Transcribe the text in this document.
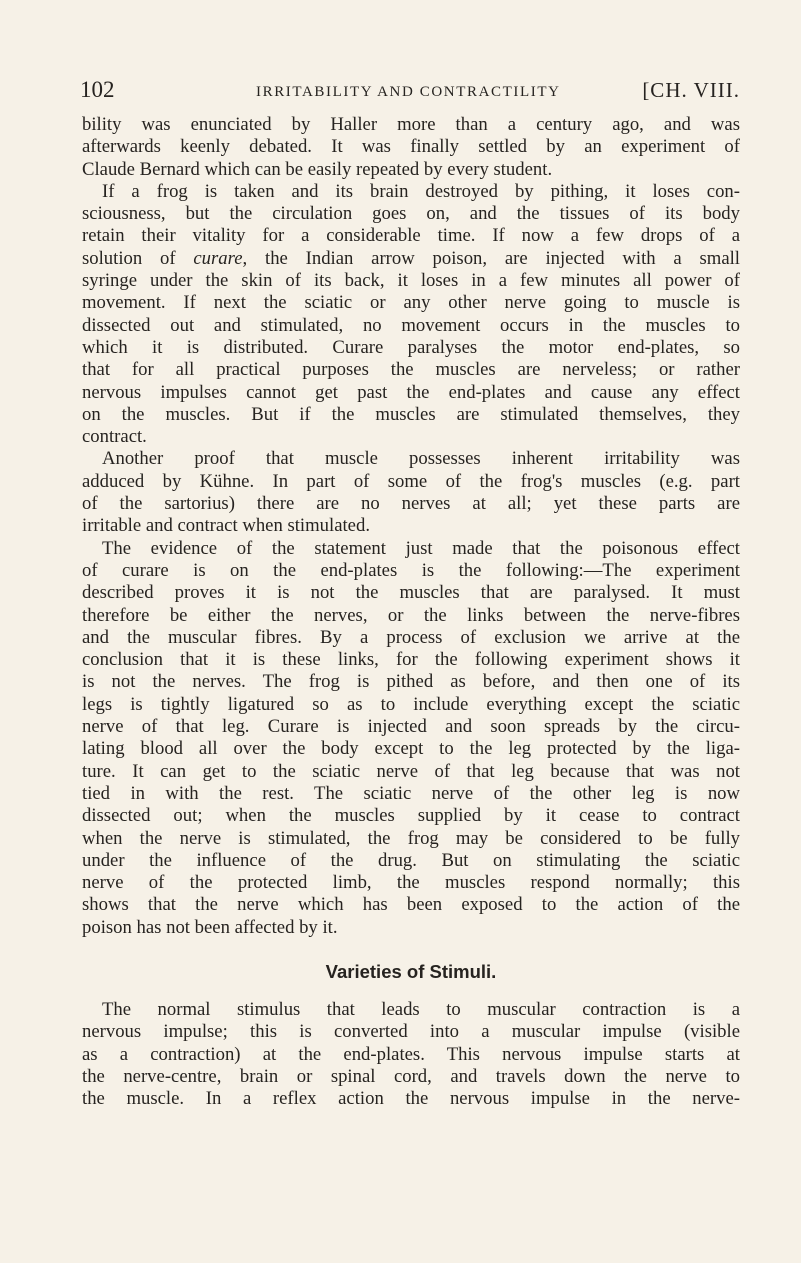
102	IRRITABILITY AND CONTRACTILITY	[CH. VIII.
bility was enunciated by Haller more than a century ago, and was
afterwards keenly debated. It was finally settled by an experiment of
Claude Bernard which can be easily repeated by every student.
If a frog is taken and its brain destroyed by pithing, it loses con-
sciousness, but the circulation goes on, and the tissues of its body
retain their vitality for a considerable time. If now a few drops of a
solution of curare, the Indian arrow poison, are injected with a small
syringe under the skin of its back, it loses in a few minutes all power of
movement. If next the sciatic or any other nerve going to muscle is
dissected out and stimulated, no movement occurs in the muscles to
which it is distributed. Curare paralyses the motor end-plates, so
that for all practical purposes the muscles are nerveless; or rather
nervous impulses cannot get past the end-plates and cause any effect
on the muscles. But if the muscles are stimulated themselves, they
contract.
Another proof that muscle possesses inherent irritability was
adduced by Kühne. In part of some of the frog's muscles (e.g. part
of the sartorius) there are no nerves at all; yet these parts are
irritable and contract when stimulated.
The evidence of the statement just made that the poisonous effect
of curare is on the end-plates is the following:—The experiment
described proves it is not the muscles that are paralysed. It must
therefore be either the nerves, or the links between the nerve-fibres
and the muscular fibres. By a process of exclusion we arrive at the
conclusion that it is these links, for the following experiment shows it
is not the nerves. The frog is pithed as before, and then one of its
legs is tightly ligatured so as to include everything except the sciatic
nerve of that leg. Curare is injected and soon spreads by the circu-
lating blood all over the body except to the leg protected by the liga-
ture. It can get to the sciatic nerve of that leg because that was not
tied in with the rest. The sciatic nerve of the other leg is now
dissected out; when the muscles supplied by it cease to contract
when the nerve is stimulated, the frog may be considered to be fully
under the influence of the drug. But on stimulating the sciatic
nerve of the protected limb, the muscles respond normally; this
shows that the nerve which has been exposed to the action of the
poison has not been affected by it.
Varieties of Stimuli.
The normal stimulus that leads to muscular contraction is a
nervous impulse; this is converted into a muscular impulse (visible
as a contraction) at the end-plates. This nervous impulse starts at
the nerve-centre, brain or spinal cord, and travels down the nerve to
the muscle. In a reflex action the nervous impulse in the nerve-
